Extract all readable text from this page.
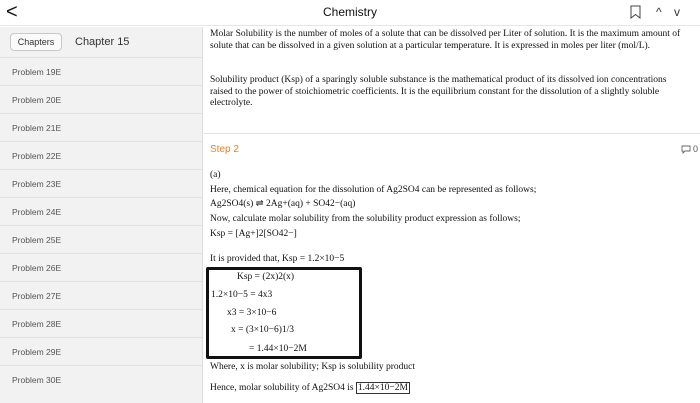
<	Chemistry	^ v
Chapters	Chapter 15
Problem 19E
Problem 20E
Problem 21E
Problem 22E
Problem 23E
Problem 24E
Problem 25E
Problem 26E
Problem 27E
Problem 28E
Problem 29E
Problem 30E
Molar Solubility is the number of moles of a solute that can be dissolved per Liter of solution. It is the maximum amount of solute that can be dissolved in a given solution at a particular temperature. It is expressed in moles per liter (mol/L).
Solubility product (Ksp) of a sparingly soluble substance is the mathematical product of its dissolved ion concentrations raised to the power of stoichiometric coefficients. It is the equilibrium constant for the dissolution of a slightly soluble electrolyte.
Step 2	0
(a)
Here, chemical equation for the dissolution of Ag2SO4 can be represented as follows;
Ag2SO4(s) ⇌ 2Ag+(aq) + SO42−(aq)
Now, calculate molar solubility from the solubility product expression as follows;
Ksp = [Ag+]2[SO42−]
It is provided that, Ksp = 1.2×10−5
Ksp = (2x)2(x)
1.2×10−5 = 4x3
x3 = 3×10−6
x = (3×10−6)1/3
= 1.44×10−2M
Where, x is molar solubility; Ksp is solubility product
Hence, molar solubility of Ag2SO4 is 1.44×10−2M
